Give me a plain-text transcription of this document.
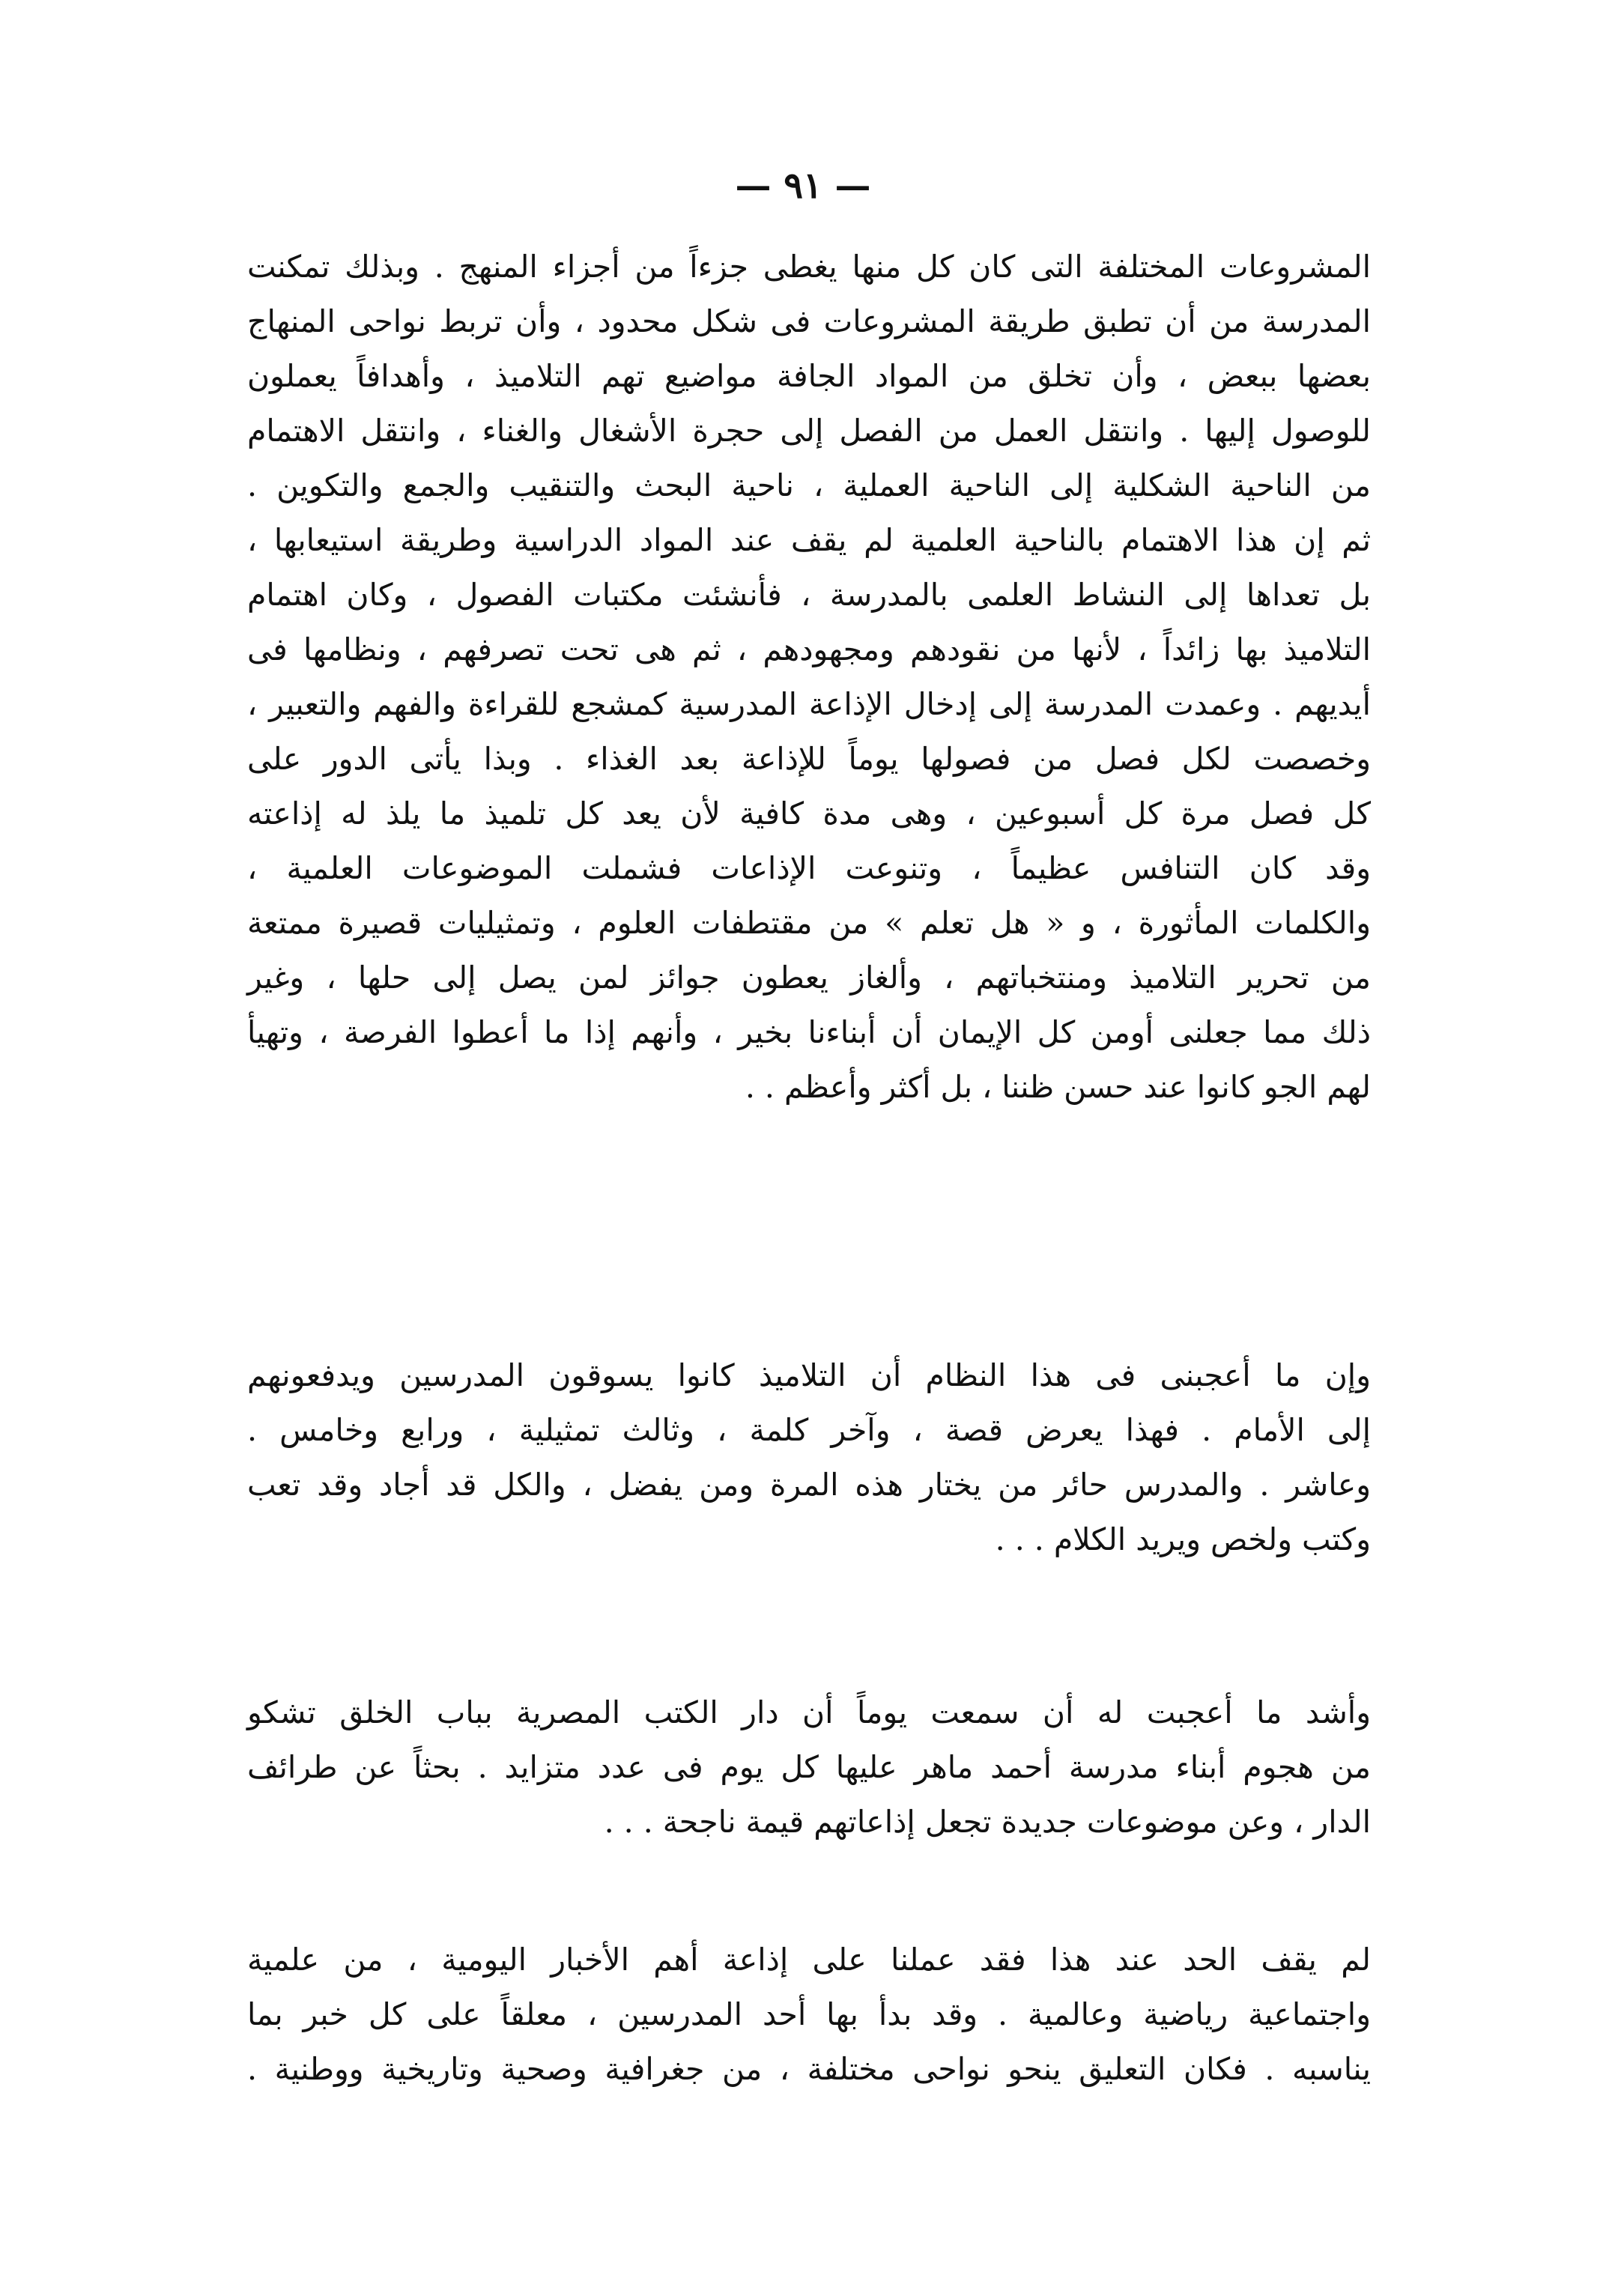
— ٩١ —
المشروعات المختلفة التى كان كل منها يغطى جزءاً من أجزاء المنهج . وبذلك تمكنت
المدرسة من أن تطبق طريقة المشروعات فى شكل محدود ، وأن تربط نواحى المنهاج
بعضها ببعض ، وأن تخلق من المواد الجافة مواضيع تهم التلاميذ ، وأهدافاً يعملون
للوصول إليها . وانتقل العمل من الفصل إلى حجرة الأشغال والغناء ، وانتقل الاهتمام
من الناحية الشكلية إلى الناحية العملية ، ناحية البحث والتنقيب والجمع والتكوين .
ثم إن هذا الاهتمام بالناحية العلمية لم يقف عند المواد الدراسية وطريقة استيعابها ،
بل تعداها إلى النشاط العلمى بالمدرسة ، فأنشئت مكتبات الفصول ، وكان اهتمام
التلاميذ بها زائداً ، لأنها من نقودهم ومجهودهم ، ثم هى تحت تصرفهم ، ونظامها فى
أيديهم . وعمدت المدرسة إلى إدخال الإذاعة المدرسية كمشجع للقراءة والفهم والتعبير ،
وخصصت لكل فصل من فصولها يوماً للإذاعة بعد الغذاء . وبذا يأتى الدور على
كل فصل مرة كل أسبوعين ، وهى مدة كافية لأن يعد كل تلميذ ما يلذ له إذاعته
وقد كان التنافس عظيماً ، وتنوعت الإذاعات فشملت الموضوعات العلمية ،
والكلمات المأثورة ، و « هل تعلم » من مقتطفات العلوم ، وتمثيليات قصيرة ممتعة
من تحرير التلاميذ ومنتخباتهم ، وألغاز يعطون جوائز لمن يصل إلى حلها ، وغير
ذلك مما جعلنى أومن كل الإيمان أن أبناءنا بخير ، وأنهم إذا ما أعطوا الفرصة ، وتهيأ
لهم الجو كانوا عند حسن ظننا ، بل أكثر وأعظم . .
وإن ما أعجبنى فى هذا النظام أن التلاميذ كانوا يسوقون المدرسين ويدفعونهم
إلى الأمام . فهذا يعرض قصة ، وآخر كلمة ، وثالث تمثيلية ، ورابع وخامس .
وعاشر . والمدرس حائر من يختار هذه المرة ومن يفضل ، والكل قد أجاد وقد تعب
وكتب ولخص ويريد الكلام . . .
وأشد ما أعجبت له أن سمعت يوماً أن دار الكتب المصرية بباب الخلق تشكو
من هجوم أبناء مدرسة أحمد ماهر عليها كل يوم فى عدد متزايد . بحثاً عن طرائف
الدار ، وعن موضوعات جديدة تجعل إذاعاتهم قيمة ناجحة . . .
لم يقف الحد عند هذا فقد عملنا على إذاعة أهم الأخبار اليومية ، من علمية
واجتماعية رياضية وعالمية . وقد بدأ بها أحد المدرسين ، معلقاً على كل خبر بما
يناسبه . فكان التعليق ينحو نواحى مختلفة ، من جغرافية وصحية وتاريخية ووطنية .
